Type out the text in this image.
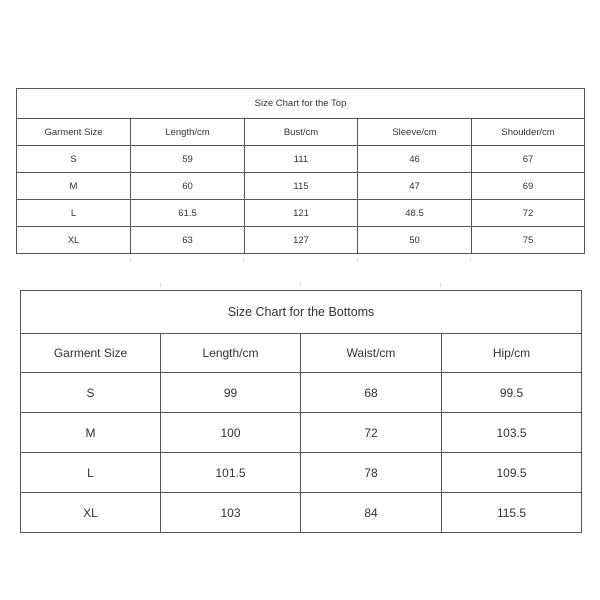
Size Chart for the Top				
Garment Size	Length/cm	Bust/cm	Sleeve/cm	Shoulder/cm
S	59	111	46	67
M	60	115	47	69
L	61.5	121	48.5	72
XL	63	127	50	75
Size Chart for the Bottoms			
Garment Size	Length/cm	Waist/cm	Hip/cm
S	99	68	99.5
M	100	72	103.5
L	101.5	78	109.5
XL	103	84	115.5
